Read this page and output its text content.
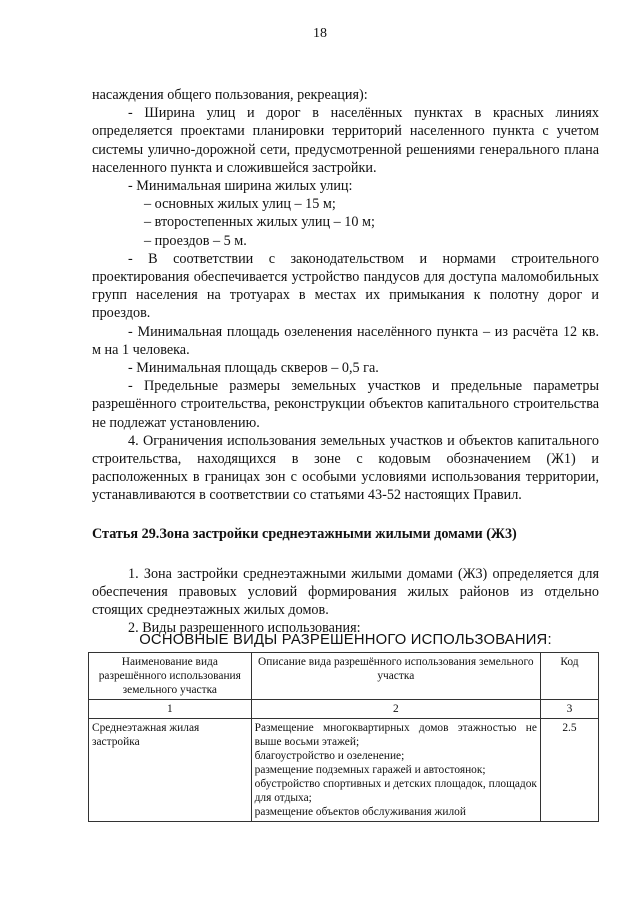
18

насаждения общего пользования, рекреация):

- Ширина улиц и дорог в населённых пунктах в красных линиях определяется проектами планировки территорий населенного пункта с учетом системы улично-дорожной сети, предусмотренной решениями генерального плана населенного пункта и сложившейся застройки.

- Минимальная ширина жилых улиц:

– основных жилых улиц – 15 м;

– второстепенных жилых улиц – 10 м;

– проездов – 5 м.

- В соответствии с законодательством и нормами строительного проектирования обеспечивается устройство пандусов для доступа маломобильных групп населения на тротуарах в местах их примыкания к полотну дорог и проездов.

- Минимальная площадь озеленения населённого пункта – из расчёта 12 кв. м на 1 человека.

- Минимальная площадь скверов – 0,5 га.

- Предельные размеры земельных участков и предельные параметры разрешённого строительства, реконструкции объектов капитального строительства не подлежат установлению.

4. Ограничения использования земельных участков и объектов капитального строительства, находящихся в зоне с кодовым обозначением (Ж1) и расположенных в границах зон с особыми условиями использования территории, устанавливаются в соответствии со статьями 43-52 настоящих Правил.

Статья 29.Зона застройки среднеэтажными жилыми домами (Ж3)

1. Зона застройки среднеэтажными жилыми домами (Ж3) определяется для обеспечения правовых условий формирования жилых районов из отдельно стоящих среднеэтажных жилых домов.

2. Виды разрешенного использования:

ОСНОВНЫЕ ВИДЫ РАЗРЕШЕННОГО ИСПОЛЬЗОВАНИЯ:
Наименование вида разрешённого использования земельного участка	Описание вида разрешённого использования земельного участка	Код
1	2	3
Среднеэтажная жилая застройка	Размещение многоквартирных домов этажностью не выше восьми этажей;
благоустройство и озеленение;
размещение подземных гаражей и автостоянок;
обустройство спортивных и детских площадок, площадок для отдыха;
размещение объектов обслуживания жилой	2.5
